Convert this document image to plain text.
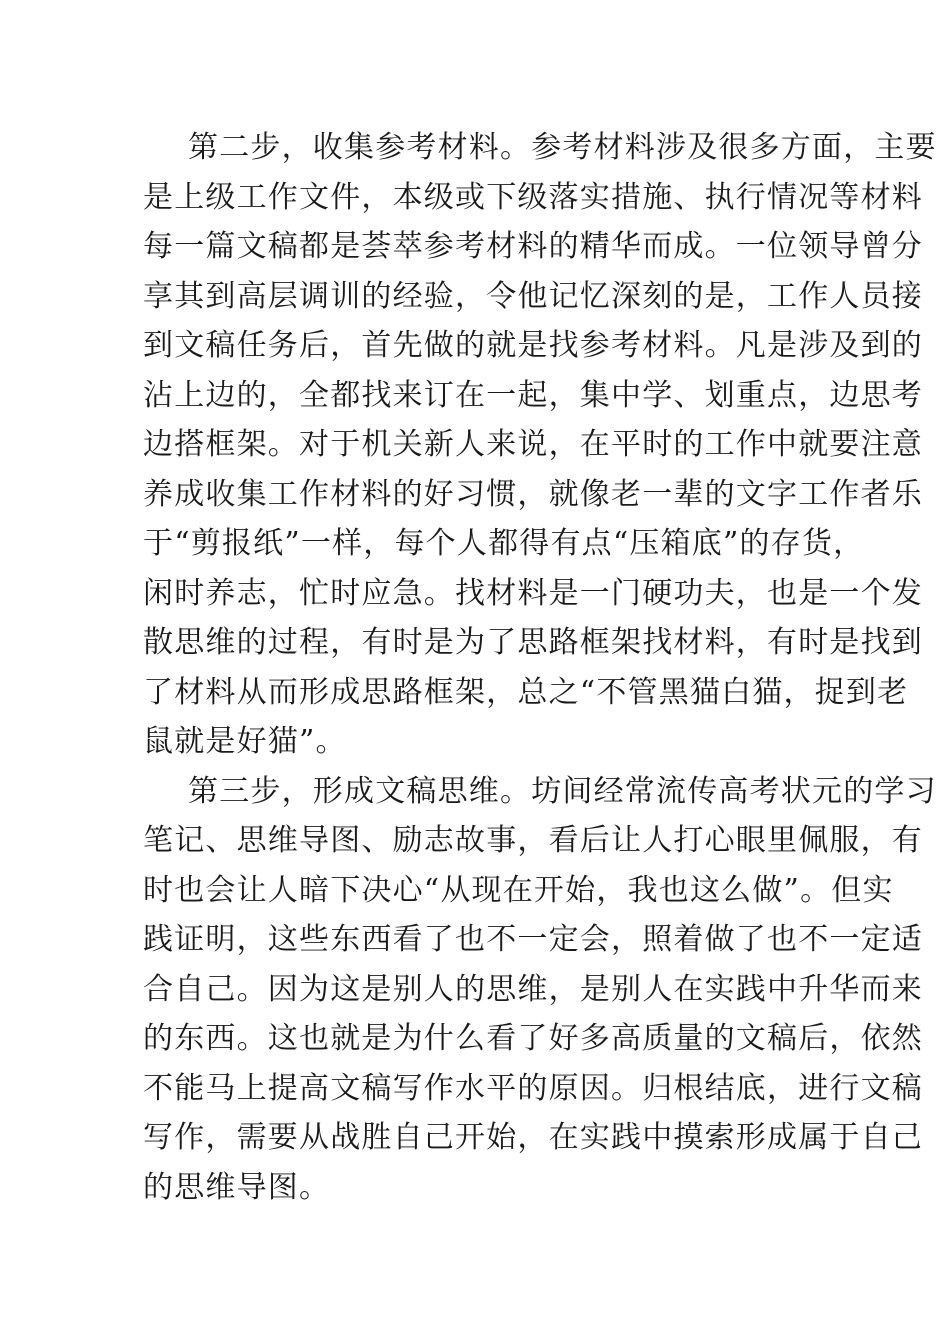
第二步，收集参考材料。参考材料涉及很多方面，主要
是上级工作文件，本级或下级落实措施、执行情况等材料
每一篇文稿都是荟萃参考材料的精华而成。一位领导曾分
享其到高层调训的经验，令他记忆深刻的是，工作人员接
到文稿任务后，首先做的就是找参考材料。凡是涉及到的
沾上边的，全都找来订在一起，集中学、划重点，边思考
边搭框架。对于机关新人来说，在平时的工作中就要注意
养成收集工作材料的好习惯，就像老一辈的文字工作者乐
于“剪报纸”一样，每个人都得有点“压箱底”的存货，
闲时养志，忙时应急。找材料是一门硬功夫，也是一个发
散思维的过程，有时是为了思路框架找材料，有时是找到
了材料从而形成思路框架，总之“不管黑猫白猫，捉到老
鼠就是好猫”。
第三步，形成文稿思维。坊间经常流传高考状元的学习
笔记、思维导图、励志故事，看后让人打心眼里佩服，有
时也会让人暗下决心“从现在开始，我也这么做”。但实
践证明，这些东西看了也不一定会，照着做了也不一定适
合自己。因为这是别人的思维，是别人在实践中升华而来
的东西。这也就是为什么看了好多高质量的文稿后，依然
不能马上提高文稿写作水平的原因。归根结底，进行文稿
写作，需要从战胜自己开始，在实践中摸索形成属于自己
的思维导图。
